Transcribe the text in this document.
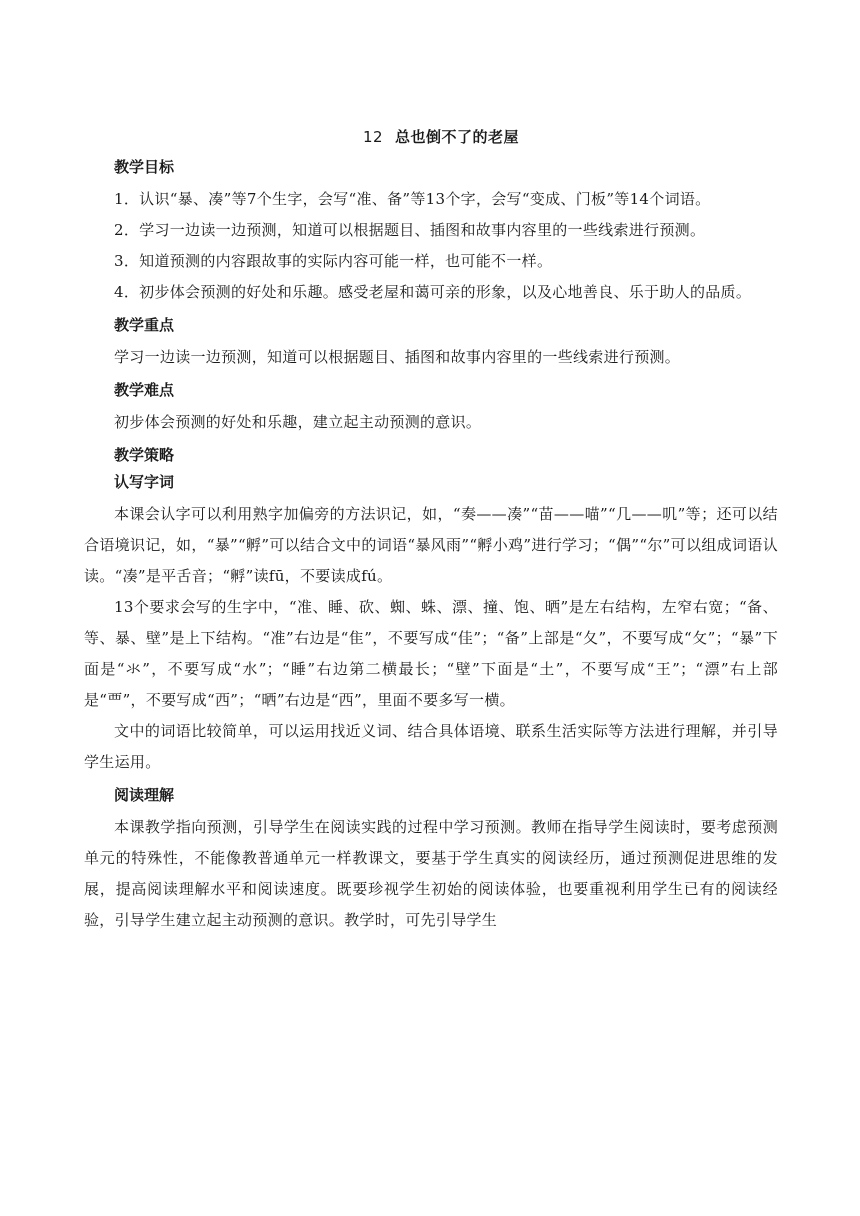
12 总也倒不了的老屋
教学目标

1．认识“暴、凑”等7个生字，会写“准、备”等13个字，会写“变成、门板”等14个词语。

2．学习一边读一边预测，知道可以根据题目、插图和故事内容里的一些线索进行预测。

3．知道预测的内容跟故事的实际内容可能一样，也可能不一样。

4．初步体会预测的好处和乐趣。感受老屋和蔼可亲的形象，以及心地善良、乐于助人的品质。

教学重点

学习一边读一边预测，知道可以根据题目、插图和故事内容里的一些线索进行预测。

教学难点

初步体会预测的好处和乐趣，建立起主动预测的意识。

教学策略
认写字词

本课会认字可以利用熟字加偏旁的方法识记，如，“奏——凑”“苗——喵”“几——叽”等；还可以结合语境识记，如，“暴”“孵”可以结合文中的词语“暴风雨”“孵小鸡”进行学习；“偶”“尔”可以组成词语认读。“凑”是平舌音；“孵”读fū，不要读成fú。

13个要求会写的生字中，“准、睡、砍、蜘、蛛、漂、撞、饱、晒”是左右结构，左窄右宽；“备、等、暴、壁”是上下结构。“准”右边是“隹”，不要写成“佳”；“备”上部是“夂”，不要写成“攵”；“暴”下面是“氺”，不要写成“水”；“睡”右边第二横最长；“壁”下面是“土”，不要写成“王”；“漂”右上部是“覀”，不要写成“西”；“晒”右边是“西”，里面不要多写一横。

文中的词语比较简单，可以运用找近义词、结合具体语境、联系生活实际等方法进行理解，并引导学生运用。

阅读理解

本课教学指向预测，引导学生在阅读实践的过程中学习预测。教师在指导学生阅读时，要考虑预测单元的特殊性，不能像教普通单元一样教课文，要基于学生真实的阅读经历，通过预测促进思维的发展，提高阅读理解水平和阅读速度。既要珍视学生初始的阅读体验，也要重视利用学生已有的阅读经验，引导学生建立起主动预测的意识。教学时，可先引导学生
